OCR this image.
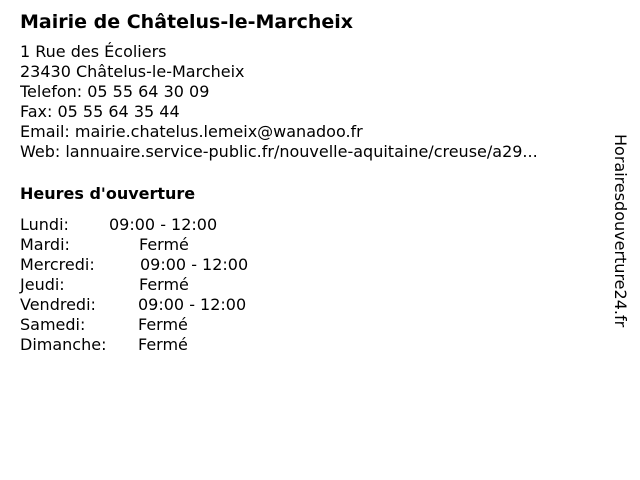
Mairie de Châtelus-le-Marcheix
1 Rue des Écoliers
23430 Châtelus-le-Marcheix
Telefon: 05 55 64 30 09
Fax: 05 55 64 35 44
Email: mairie.chatelus.lemeix@wanadoo.fr
Web: lannuaire.service-public.fr/nouvelle-aquitaine/creuse/a29...
Heures d'ouverture
Lundi:	09:00 - 12:00
Mardi:	Fermé
Mercredi:	09:00 - 12:00
Jeudi:	Fermé
Vendredi:	09:00 - 12:00
Samedi:	Fermé
Dimanche:	Fermé
Horairesdouverture24.fr
